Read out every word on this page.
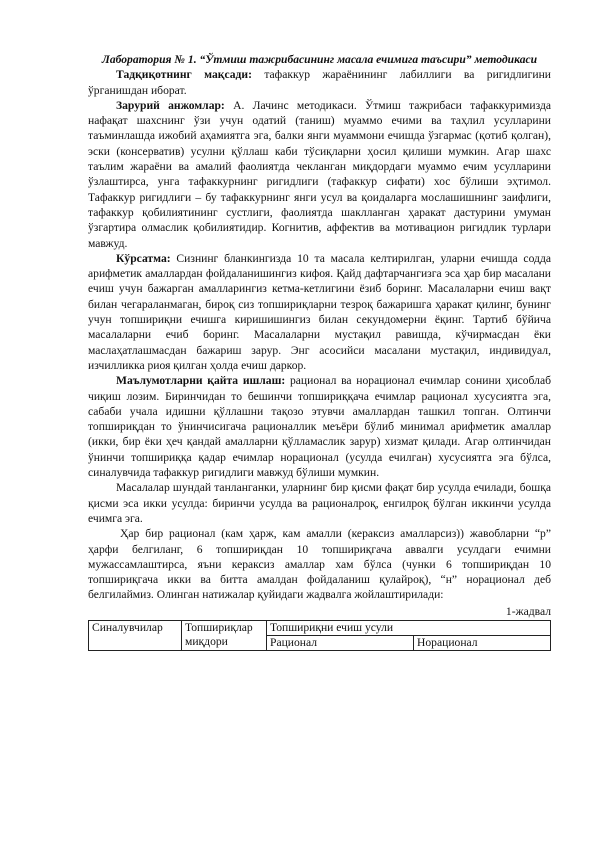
Лаборатория № 1. “Ўтмиш тажрибасининг масала ечимига таъсири” методикаси

Тадқиқотнинг мақсади: тафаккур жараёнининг лабиллиги ва ригидлигини ўрганишдан иборат.

Зарурий анжомлар: А. Лачинс методикаси. Ўтмиш тажрибаси тафаккуримизда нафақат шахснинг ўзи учун одатий (таниш) муаммо ечими ва таҳлил усулларини таъминлашда ижобий аҳамиятга эга, балки янги муаммони ечишда ўзгармас (қотиб қолган), эски (консерватив) усулни қўллаш каби тўсиқларни ҳосил қилиши мумкин. Агар шахс таълим жараёни ва амалий фаолиятда чекланган миқдордаги муаммо ечим усулларини ўзлаштирса, унга тафаккурнинг ригидлиги (тафаккур сифати) хос бўлиши эҳтимол. Тафаккур ригидлиги – бу тафаккурнинг янги усул ва қоидаларга мослашишнинг заифлиги, тафаккур қобилиятининг сустлиги, фаолиятда шаклланган ҳаракат дастурини умуман ўзгартира олмаслик қобилиятидир. Когнитив, аффектив ва мотивацион ригидлик турлари мавжуд.

Кўрсатма: Сизнинг бланкингизда 10 та масала келтирилган, уларни ечишда содда арифметик амаллардан фойдаланишингиз кифоя. Қайд дафтарчангизга эса ҳар бир масалани ечиш учун бажарган амалларингиз кетма-кетлигини ёзиб боринг. Масалаларни ечиш вақт билан чегараланмаган, бироқ сиз топшириқларни тезроқ бажаришга ҳаракат қилинг, бунинг учун топшириқни ечишга киришишингиз билан секундомерни ёқинг. Тартиб бўйича масалаларни ечиб боринг. Масалаларни мустақил равишда, кўчирмасдан ёки маслаҳатлашмасдан бажариш зарур. Энг асосийси масалани мустақил, индивидуал, изчилликка риоя қилган ҳолда ечиш даркор.

Маълумотларни қайта ишлаш: рационал ва норационал ечимлар сонини ҳисоблаб чиқиш лозим. Биринчидан то бешинчи топшириққача ечимлар рационал хусусиятга эга, сабаби учала идишни қўллашни тақозо этувчи амаллардан ташкил топган. Олтинчи топшириқдан то ўнинчисигача рационаллик меъёри бўлиб минимал арифметик амаллар (икки, бир ёки ҳеч қандай амалларни қўлламаслик зарур) хизмат қилади. Агар олтинчидан ўнинчи топшириққа қадар ечимлар норационал (усулда ечилган) хусусиятга эга бўлса, синалувчида тафаккур ригидлиги мавжуд бўлиши мумкин.

Масалалар шундай танланганки, уларнинг бир қисми фақат бир усулда ечилади, бошқа қисми эса икки усулда: биринчи усулда ва рационалроқ, енгилроқ бўлган иккинчи усулда ечимга эга.

Ҳар бир рационал (кам ҳарж, кам амалли (кераксиз амалларсиз)) жавобларни “р” ҳарфи белгиланг, 6 топшириқдан 10 топшириқгача аввалги усулдаги ечимни мужассамлаштирса, яъни кераксиз амаллар хам бўлса (чунки 6 топшириқдан 10 топшириқгача икки ва битта амалдан фойдаланиш қулайроқ), “н” норационал деб белгилаймиз. Олинган натижалар қуйидаги жадвалга жойлаштирилади:

1-жадвал
Синалувчилар	Топшириқлар миқдори	Топшириқни ечиш усули	
		Рационал	Норационал
